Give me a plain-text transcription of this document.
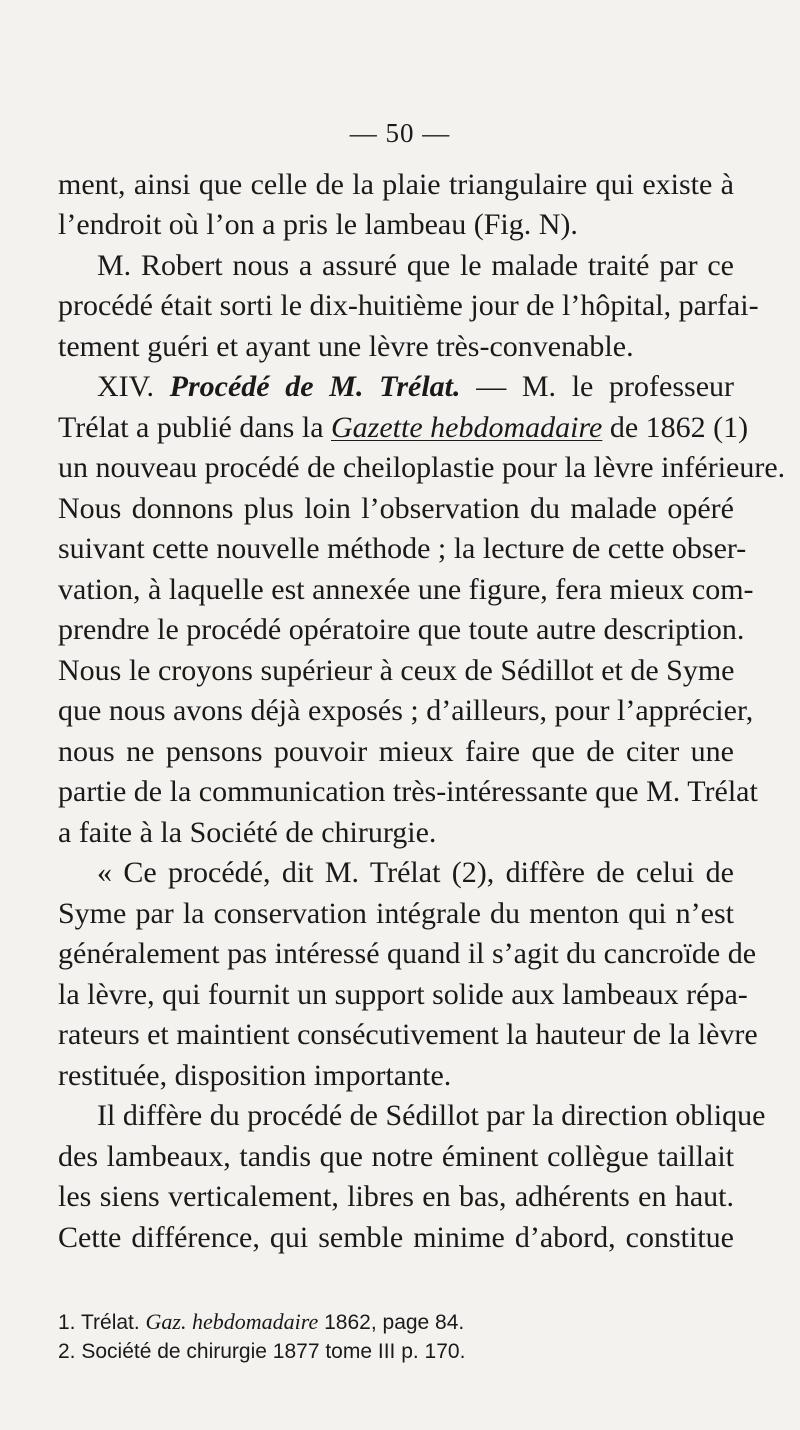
— 50 —
ment, ainsi que celle de la plaie triangulaire qui existe à
l’endroit où l’on a pris le lambeau (Fig. N).
M. Robert nous a assuré que le malade traité par ce
procédé était sorti le dix-huitième jour de l’hôpital, parfai-
tement guéri et ayant une lèvre très-convenable.
XIV. Procédé de M. Trélat. — M. le professeur
Trélat a publié dans la Gazette hebdomadaire de 1862 (1)
un nouveau procédé de cheiloplastie pour la lèvre inférieure.
Nous donnons plus loin l’observation du malade opéré
suivant cette nouvelle méthode ; la lecture de cette obser-
vation, à laquelle est annexée une figure, fera mieux com-
prendre le procédé opératoire que toute autre description.
Nous le croyons supérieur à ceux de Sédillot et de Syme
que nous avons déjà exposés ; d’ailleurs, pour l’apprécier,
nous ne pensons pouvoir mieux faire que de citer une
partie de la communication très-intéressante que M. Trélat
a faite à la Société de chirurgie.
« Ce procédé, dit M. Trélat (2), diffère de celui de
Syme par la conservation intégrale du menton qui n’est
généralement pas intéressé quand il s’agit du cancroïde de
la lèvre, qui fournit un support solide aux lambeaux répa-
rateurs et maintient consécutivement la hauteur de la lèvre
restituée, disposition importante.
Il diffère du procédé de Sédillot par la direction oblique
des lambeaux, tandis que notre éminent collègue taillait
les siens verticalement, libres en bas, adhérents en haut.
Cette différence, qui semble minime d’abord, constitue
1. Trélat. Gaz. hebdomadaire 1862, page 84.
2. Société de chirurgie 1877 tome III p. 170.
